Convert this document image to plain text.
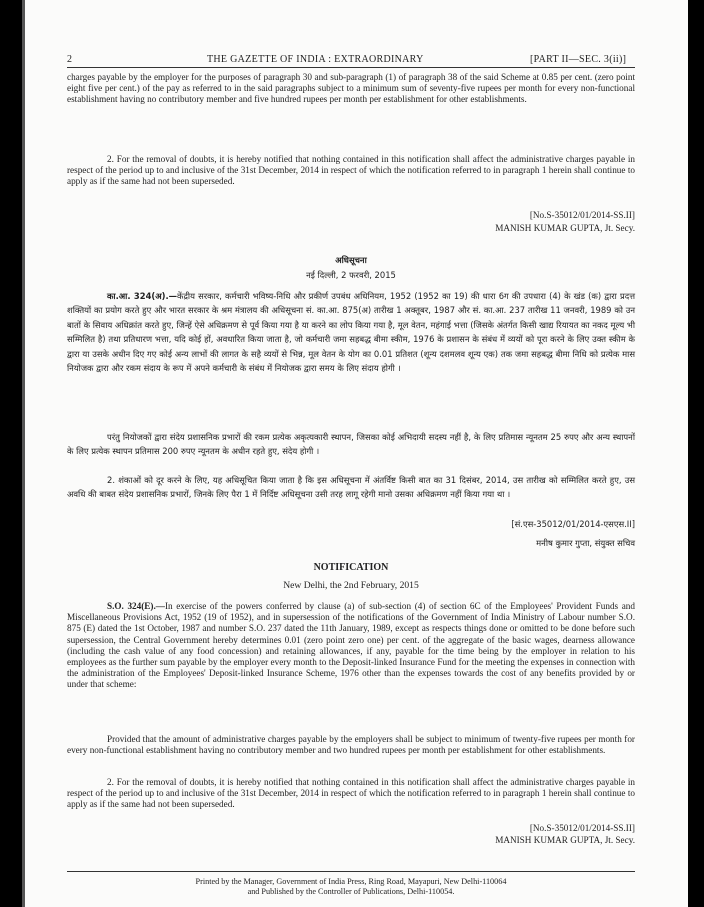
2	THE GAZETTE OF INDIA : EXTRAORDINARY	[PART II—SEC. 3(ii)]

charges payable by the employer for the purposes of paragraph 30 and sub-paragraph (1) of paragraph 38 of the said Scheme at 0.85 per cent. (zero point eight five per cent.) of the pay as referred to in the said paragraphs subject to a minimum sum of seventy-five rupees per month for every non-functional establishment having no contributory member and five hundred rupees per month per establishment for other establishments.

2. For the removal of doubts, it is hereby notified that nothing contained in this notification shall affect the administrative charges payable in respect of the period up to and inclusive of the 31st December, 2014 in respect of which the notification referred to in paragraph 1 herein shall continue to apply as if the same had not been superseded.

[No.S-35012/01/2014-SS.II]
MANISH KUMAR GUPTA, Jt. Secy.
अधिसूचना
नई दिल्ली, 2 फरवरी, 2015

का.आ. 324(अ).—केंद्रीय सरकार, कर्मचारी भविष्य-निधि और प्रकीर्ण उपबंध अधिनियम, 1952 (1952 का 19) की धारा 6ग की उपधारा (4) के खंड (क) द्वारा प्रदत्त शक्तियों का प्रयोग करते हुए और भारत सरकार के श्रम मंत्रालय की अधिसूचना सं. का.आ. 875(अ) तारीख 1 अक्तूबर, 1987 और सं. का.आ. 237 तारीख 11 जनवरी, 1989 को उन बातों के सिवाय अधिक्रांत करते हुए, जिन्हें ऐसे अधिक्रमण से पूर्व किया गया है या करने का लोप किया गया है, मूल वेतन, महंगाई भत्ता (जिसके अंतर्गत किसी खाद्य रियायत का नकद मूल्य भी सम्मिलित है) तथा प्रतिधारण भत्ता, यदि कोई हों, अवधारित किया जाता है, जो कर्मचारी जमा सहबद्ध बीमा स्कीम, 1976 के प्रशासन के संबंध में व्ययों को पूरा करने के लिए उक्त स्कीम के द्वारा या उसके अधीन दिए गए कोई अन्य लाभों की लागत के सहै व्ययों से भिन्न, मूल वेतन के योग का 0.01 प्रतिशत (शून्य दशमलव शून्य एक) तक जमा सहबद्ध बीमा निधि को प्रत्येक मास नियोजक द्वारा और रकम संदाय के रूप में अपने कर्मचारी के संबंध में नियोजक द्वारा समय के लिए संदाय होगी ।

परंतु नियोजकों द्वारा संदेय प्रशासनिक प्रभारों की रकम प्रत्येक अकृत्यकारी स्थापन, जिसका कोई अभिदायी सदस्य नहीं है, के लिए प्रतिमास न्यूनतम 25 रुपए और अन्य स्थापनों के लिए प्रत्येक स्थापन प्रतिमास 200 रुपए न्यूनतम के अधीन रहते हुए, संदेय होगी ।

2. शंकाओं को दूर करने के लिए, यह अधिसूचित किया जाता है कि इस अधिसूचना में अंतर्विष्ट किसी बात का 31 दिसंबर, 2014, उस तारीख को सम्मिलित करते हुए, उस अवधि की बाबत संदेय प्रशासनिक प्रभारों, जिनके लिए पैरा 1 में निर्दिष्ट अधिसूचना उसी तरह लागू रहेगी मानो उसका अधिक्रमण नहीं किया गया था ।

[सं.एस-35012/01/2014-एसएस.II]
मनीष कुमार गुप्ता, संयुक्त सचिव
NOTIFICATION
New Delhi, the 2nd February, 2015

S.O. 324(E).—In exercise of the powers conferred by clause (a) of sub-section (4) of section 6C of the Employees' Provident Funds and Miscellaneous Provisions Act, 1952 (19 of 1952), and in supersession of the notifications of the Government of India Ministry of Labour number S.O. 875 (E) dated the 1st October, 1987 and number S.O. 237 dated the 11th January, 1989, except as respects things done or omitted to be done before such supersession, the Central Government hereby determines 0.01 (zero point zero one) per cent. of the aggregate of the basic wages, dearness allowance (including the cash value of any food concession) and retaining allowances, if any, payable for the time being by the employer in relation to his employees as the further sum payable by the employer every month to the Deposit-linked Insurance Fund for the meeting the expenses in connection with the administration of the Employees' Deposit-linked Insurance Scheme, 1976 other than the expenses towards the cost of any benefits provided by or under that scheme:

Provided that the amount of administrative charges payable by the employers shall be subject to minimum of twenty-five rupees per month for every non-functional establishment having no contributory member and two hundred rupees per month per establishment for other establishments.

2. For the removal of doubts, it is hereby notified that nothing contained in this notification shall affect the administrative charges payable in respect of the period up to and inclusive of the 31st December, 2014 in respect of which the notification referred to in paragraph 1 herein shall continue to apply as if the same had not been superseded.

[No.S-35012/01/2014-SS.II]
MANISH KUMAR GUPTA, Jt. Secy.
Printed by the Manager, Government of India Press, Ring Road, Mayapuri, New Delhi-110064
and Published by the Controller of Publications, Delhi-110054.
